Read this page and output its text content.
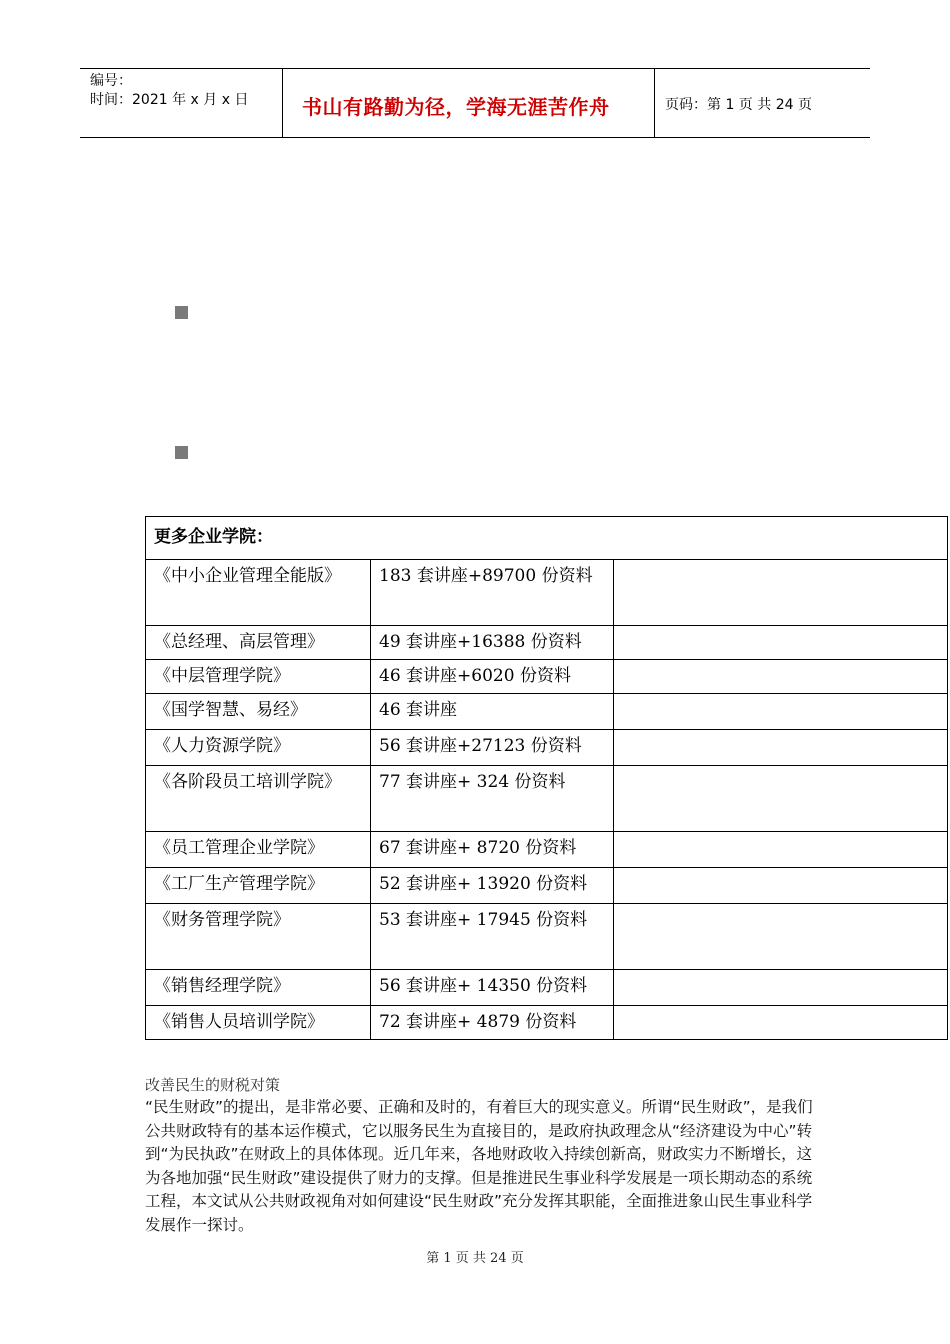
编号：
时间：2021 年 x 月 x 日	书山有路勤为径，学海无涯苦作舟	页码：第 1 页 共 24 页
更多企业学院：		
《中小企业管理全能版》	183 套讲座+89700 份资料	
《总经理、高层管理》	49 套讲座+16388 份资料	
《中层管理学院》	46 套讲座+6020 份资料	
《国学智慧、易经》	46 套讲座	
《人力资源学院》	56 套讲座+27123 份资料	
《各阶段员工培训学院》	77 套讲座+ 324 份资料	
《员工管理企业学院》	67 套讲座+ 8720 份资料	
《工厂生产管理学院》	52 套讲座+ 13920 份资料	
《财务管理学院》	53 套讲座+ 17945 份资料	
《销售经理学院》	56 套讲座+ 14350 份资料	
《销售人员培训学院》	72 套讲座+ 4879 份资料	
改善民生的财税对策
“民生财政”的提出，是非常必要、正确和及时的，有着巨大的现实意义。所谓“民生财政”，是我们公共财政特有的基本运作模式，它以服务民生为直接目的，是政府执政理念从“经济建设为中心”转到“为民执政”在财政上的具体体现。近几年来，各地财政收入持续创新高，财政实力不断增长，这为各地加强“民生财政”建设提供了财力的支撑。但是推进民生事业科学发展是一项长期动态的系统工程，本文试从公共财政视角对如何建设“民生财政”充分发挥其职能，全面推进象山民生事业科学发展作一探讨。
第 1 页 共 24 页
